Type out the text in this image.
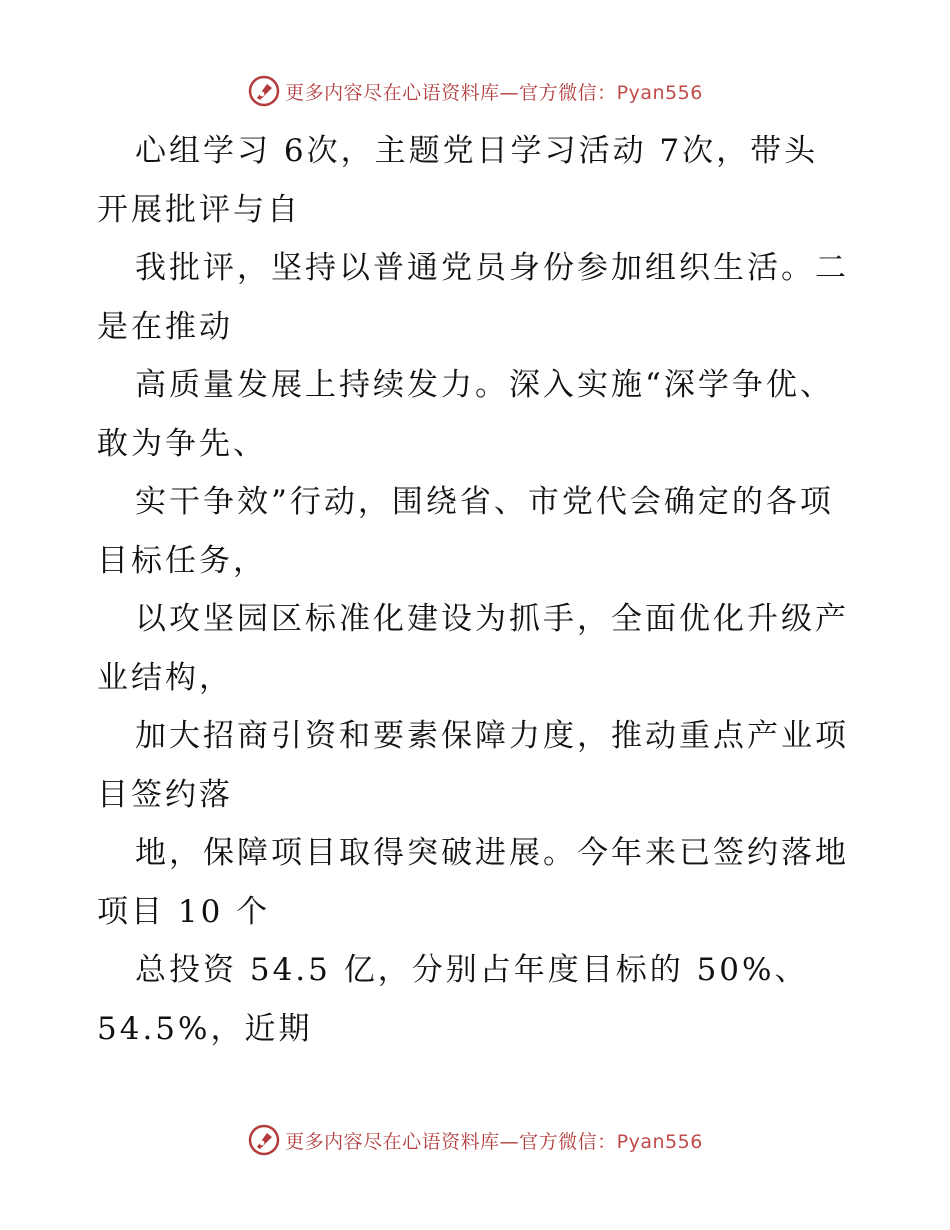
更多内容尽在心语资料库—官方微信：Pyan556
心组学习 6次，主题党日学习活动 7次，带头
开展批评与自
我批评，坚持以普通党员身份参加组织生活。二
是在推动
高质量发展上持续发力。深入实施“深学争优、
敢为争先、
实干争效”行动，围绕省、市党代会确定的各项
目标任务，
以攻坚园区标准化建设为抓手，全面优化升级产
业结构，
加大招商引资和要素保障力度，推动重点产业项
目签约落
地，保障项目取得突破进展。今年来已签约落地
项目 10 个
总投资 54.5 亿，分别占年度目标的 50%、
54.5%，近期
更多内容尽在心语资料库—官方微信：Pyan556
